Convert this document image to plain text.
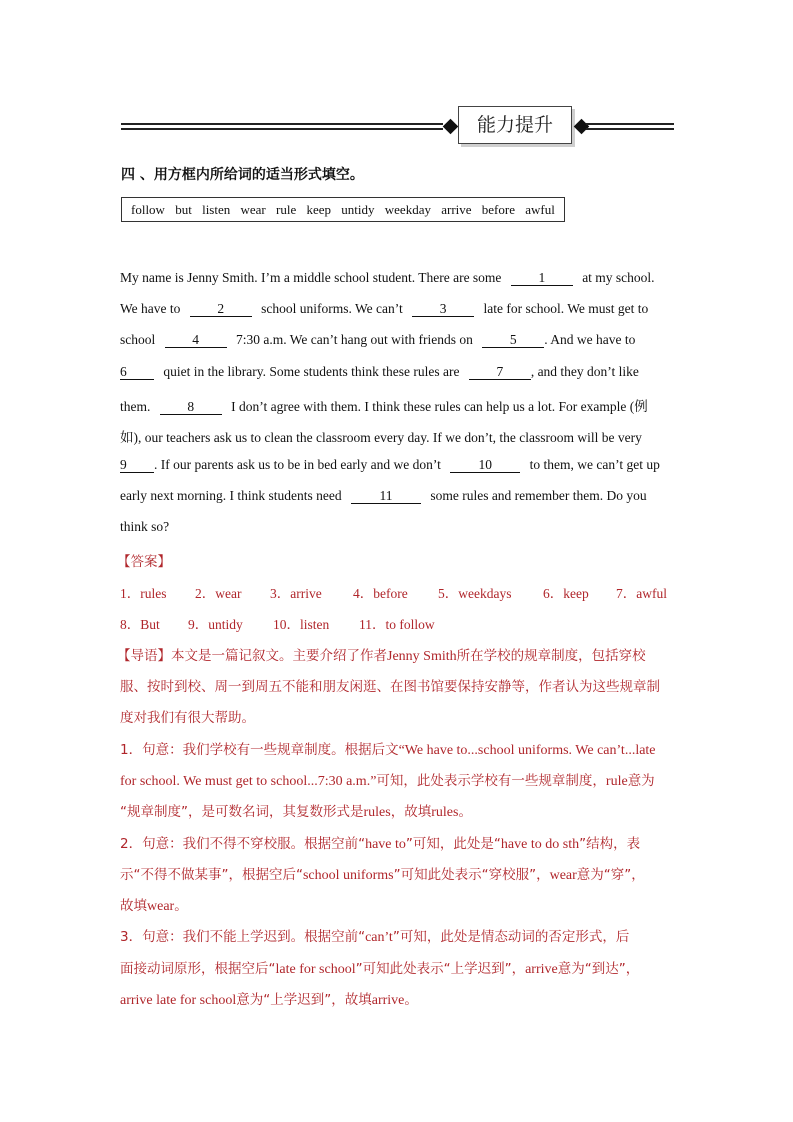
能力提升
四 、用方框内所给词的适当形式填空。
follow but listen wear rule keep untidy weekday arrive before awful
My name is Jenny Smith. I’m a middle school student. There are some	1	at my school.
We have to	2	school uniforms. We can’t	3	late for school. We must get to
school	4	7:30 a.m. We can’t hang out with friends on	5 . And we have to
6	quiet in the library. Some students think these rules are	7 , and they don’t like
them.	8	I don’t agree with them. I think these rules can help us a lot. For example (例
如), our teachers ask us to clean the classroom every day. If we don’t, the classroom will be very
9 . If our parents ask us to be in bed early and we don’t	10	to them, we can’t get up
early next morning. I think students need	11	some rules and remember them. Do you
think so?
【答案】
1．rules 2．wear 3．arrive 4．before 5．weekdays 6．keep 7．awful
8．But 9．untidy 10．listen 11．to follow
【导语】本文是一篇记叙文。主要介绍了作者Jenny Smith所在学校的规章制度，包括穿校
服、按时到校、周一到周五不能和朋友闲逛、在图书馆要保持安静等，作者认为这些规章制
度对我们有很大帮助。
1．句意：我们学校有一些规章制度。根据后文“We have to...school uniforms. We can’t...late
for school. We must get to school...7:30 a.m.”可知，此处表示学校有一些规章制度，rule意为
“规章制度”，是可数名词，其复数形式是rules，故填rules。
2．句意：我们不得不穿校服。根据空前“have to”可知，此处是“have to do sth”结构，表
示“不得不做某事”，根据空后“school uniforms”可知此处表示“穿校服”，wear意为“穿”，
故填wear。
3．句意：我们不能上学迟到。根据空前“can’t”可知，此处是情态动词的否定形式，后
面接动词原形，根据空后“late for school”可知此处表示“上学迟到”，arrive意为“到达”，
arrive late for school意为“上学迟到”，故填arrive。
